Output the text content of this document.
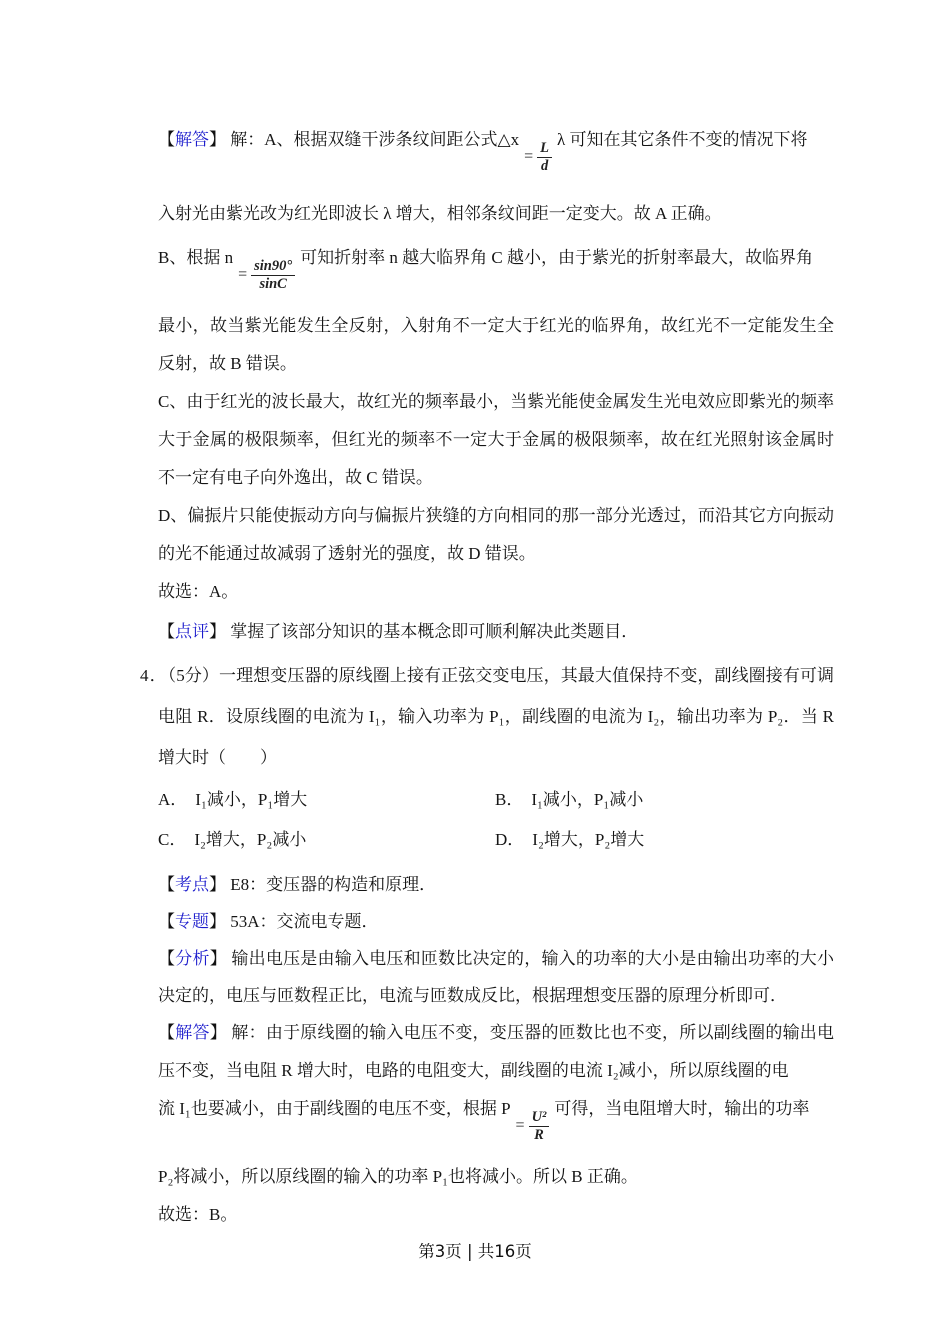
【解答】 解：A、根据双缝干涉条纹间距公式△x= $\frac{L}{d}$
λ 可知在其它条件不变的情况下将

入射光由紫光改为红光即波长 λ 增大，相邻条纹间距一定变大。故 A 正确。

B、根据 $n= \frac{\sin 90^\circ}{\sin C}$
可知折射率 n 越大临界角 C 越小，由于紫光的折射率最大，故临界角

最小，故当紫光能发生全反射，入射角不一定大于红光的临界角，故红光不一定能发生全反射，故 B 错误。

C、由于红光的波长最大，故红光的频率最小，当紫光能使金属发生光电效应即紫光的频率大于金属的极限频率，但红光的频率不一定大于金属的极限频率，故在红光照射该金属时不一定有电子向外逸出，故 C 错误。

D、偏振片只能使振动方向与偏振片狭缝的方向相同的那一部分光透过，而沿其它方向振动的光不能通过故减弱了透射光的强度，故 D 错误。

故选：A。

【点评】 掌握了该部分知识的基本概念即可顺利解决此类题目．

4．（5分）一理想变压器的原线圈上接有正弦交变电压，其最大值保持不变，副线圈接有可调电阻 R．设原线圈的电流为 I₁，输入功率为 P₁，副线圈的电流为 I₂，输出功率为 P₂．当 R 增大时（　　）

A． I₁减小，P₁增大	B． I₁减小，P₁减小
C． I₂增大，P₂减小	D． I₂增大，P₂增大

【考点】 E8：变压器的构造和原理．

【专题】 53A：交流电专题．

【分析】 输出电压是由输入电压和匝数比决定的，输入的功率的大小是由输出功率的大小决定的，电压与匝数程正比，电流与匝数成反比，根据理想变压器的原理分析即可．

【解答】 解：由于原线圈的输入电压不变，变压器的匝数比也不变，所以副线圈的输出电压不变，当电阻 R 增大时，电路的电阻变大，副线圈的电流 I₂减小，所以原线圈的电

流 I₁也要减小，由于副线圈的电压不变，根据 $P= \frac{\text{U²}}{R}$
可得，当电阻增大时，输出的功率

P₂将减小，所以原线圈的输入的功率 P₁也将减小。所以 B 正确。

故选：B。

第3页 | 共16页
